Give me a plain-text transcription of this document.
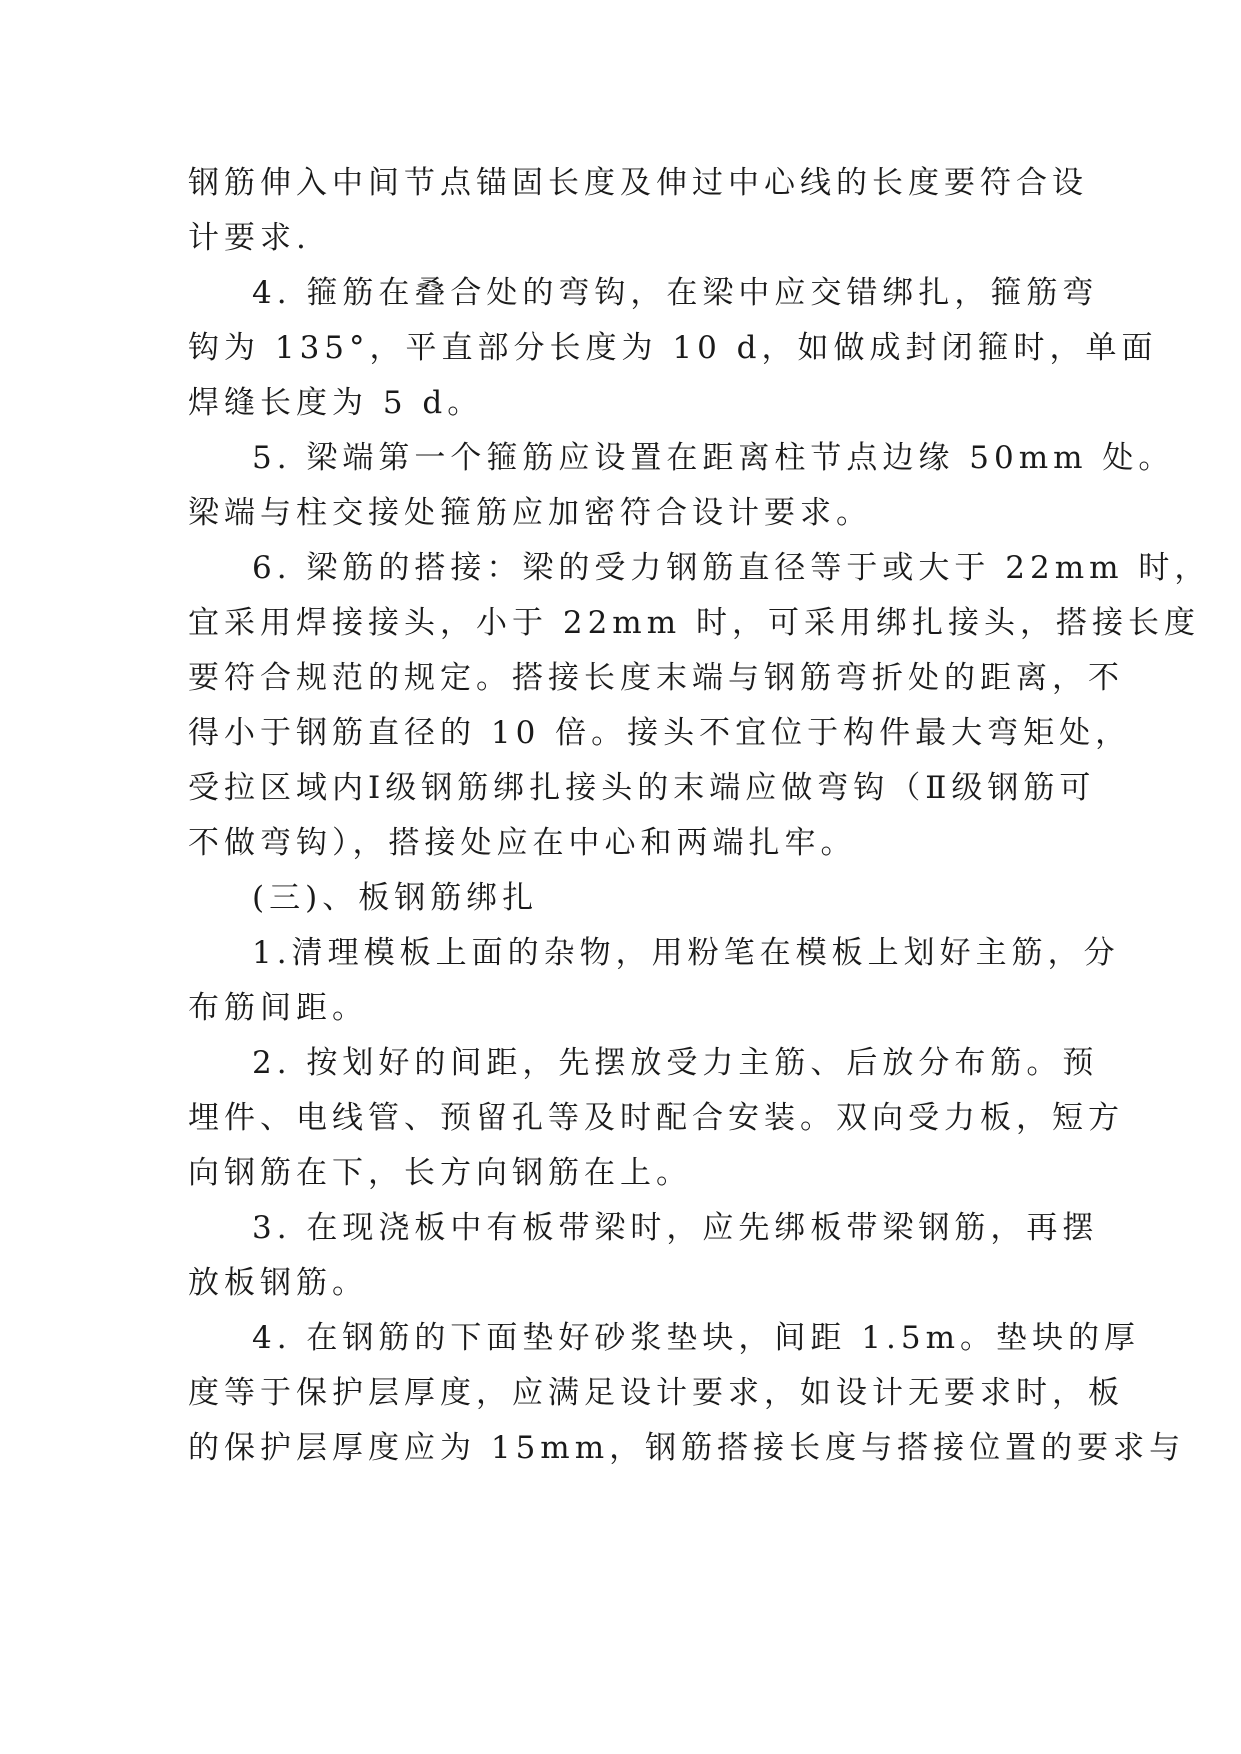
钢筋伸入中间节点锚固长度及伸过中心线的长度要符合设
计要求.
4. 箍筋在叠合处的弯钩，在梁中应交错绑扎，箍筋弯
钩为 135°，平直部分长度为 10 d，如做成封闭箍时，单面
焊缝长度为 5 d。
5. 梁端第一个箍筋应设置在距离柱节点边缘 50mm 处。
梁端与柱交接处箍筋应加密符合设计要求。
6. 梁筋的搭接：梁的受力钢筋直径等于或大于 22mm 时，
宜采用焊接接头，小于 22mm 时，可采用绑扎接头，搭接长度
要符合规范的规定。搭接长度末端与钢筋弯折处的距离，不
得小于钢筋直径的 10 倍。接头不宜位于构件最大弯矩处，
受拉区域内Ⅰ级钢筋绑扎接头的末端应做弯钩（Ⅱ级钢筋可
不做弯钩），搭接处应在中心和两端扎牢。
(三)、板钢筋绑扎
1.清理模板上面的杂物，用粉笔在模板上划好主筋，分
布筋间距。
2. 按划好的间距，先摆放受力主筋、后放分布筋。预
埋件、电线管、预留孔等及时配合安装。双向受力板，短方
向钢筋在下，长方向钢筋在上。
3. 在现浇板中有板带梁时，应先绑板带梁钢筋，再摆
放板钢筋。
4. 在钢筋的下面垫好砂浆垫块，间距 1.5m。垫块的厚
度等于保护层厚度，应满足设计要求，如设计无要求时，板
的保护层厚度应为 15mm，钢筋搭接长度与搭接位置的要求与
